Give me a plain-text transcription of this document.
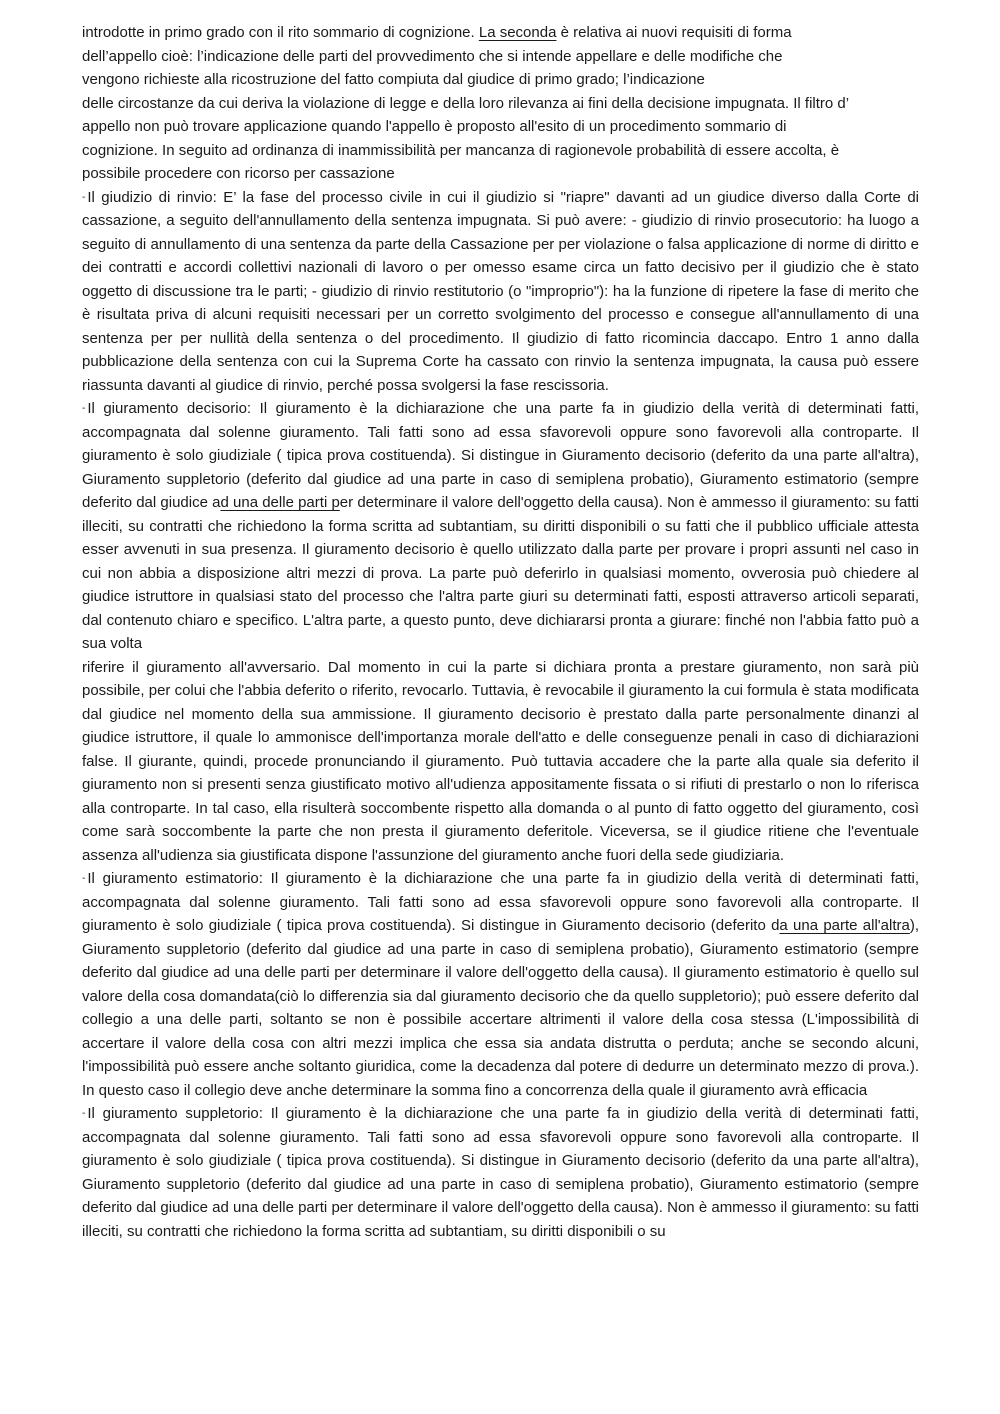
introdotte in primo grado con il rito sommario di cognizione. La seconda è relativa ai nuovi requisiti di forma

dell’appello cioè: l’indicazione delle parti del provvedimento che si intende appellare e delle modifiche che

vengono richieste alla ricostruzione del fatto compiuta dal giudice di primo grado; l’indicazione

delle circostanze da cui deriva la violazione di legge e della loro rilevanza ai fini della decisione impugnata. Il filtro d’

appello non può trovare applicazione quando l'appello è proposto all'esito di un procedimento sommario di

cognizione. In seguito ad ordinanza di inammissibilità per mancanza di ragionevole probabilità di essere accolta, è

possibile procedere con ricorso per cassazione

- Il giudizio di rinvio: E’ la fase del processo civile in cui il giudizio si "riapre" davanti ad un giudice diverso dalla Corte di cassazione, a seguito dell'annullamento della sentenza impugnata. Si può avere: - giudizio di rinvio prosecutorio: ha luogo a seguito di annullamento di una sentenza da parte della Cassazione per per violazione o falsa applicazione di norme di diritto e dei contratti e accordi collettivi nazionali di lavoro o per omesso esame circa un fatto decisivo per il giudizio che è stato oggetto di discussione tra le parti; - giudizio di rinvio restitutorio (o "improprio"): ha la funzione di ripetere la fase di merito che è risultata priva di alcuni requisiti necessari per un corretto svolgimento del processo e consegue all'annullamento di una sentenza per per nullità della sentenza o del procedimento. Il giudizio di fatto ricomincia daccapo. Entro 1 anno dalla pubblicazione della sentenza con cui la Suprema Corte ha cassato con rinvio la sentenza impugnata, la causa può essere riassunta davanti al giudice di rinvio, perché possa svolgersi la fase rescissoria.

- Il giuramento decisorio: Il giuramento è la dichiarazione che una parte fa in giudizio della verità di determinati fatti, accompagnata dal solenne giuramento. Tali fatti sono ad essa sfavorevoli oppure sono favorevoli alla controparte. Il giuramento è solo giudiziale ( tipica prova costituenda). Si distingue in Giuramento decisorio (deferito da una parte all'altra), Giuramento suppletorio (deferito dal giudice ad una parte in caso di semiplena probatio), Giuramento estimatorio (sempre deferito dal giudice ad una delle parti per determinare il valore dell'oggetto della causa). Non è ammesso il giuramento: su fatti illeciti, su contratti che richiedono la forma scritta ad subtantiam, su diritti disponibili o su fatti che il pubblico ufficiale attesta esser avvenuti in sua presenza. Il giuramento decisorio è quello utilizzato dalla parte per provare i propri assunti nel caso in cui non abbia a disposizione altri mezzi di prova. La parte può deferirlo in qualsiasi momento, ovverosia può chiedere al giudice istruttore in qualsiasi stato del processo che l'altra parte giuri su determinati fatti, esposti attraverso articoli separati, dal contenuto chiaro e specifico. L'altra parte, a questo punto, deve dichiararsi pronta a giurare: finché non l'abbia fatto può a sua volta

riferire il giuramento all'avversario. Dal momento in cui la parte si dichiara pronta a prestare giuramento, non sarà più possibile, per colui che l'abbia deferito o riferito, revocarlo. Tuttavia, è revocabile il giuramento la cui formula è stata modificata dal giudice nel momento della sua ammissione. Il giuramento decisorio è prestato dalla parte personalmente dinanzi al giudice istruttore, il quale lo ammonisce dell'importanza morale dell'atto e delle conseguenze penali in caso di dichiarazioni false. Il giurante, quindi, procede pronunciando il giuramento. Può tuttavia accadere che la parte alla quale sia deferito il giuramento non si presenti senza giustificato motivo all'udienza appositamente fissata o si rifiuti di prestarlo o non lo riferisca alla controparte. In tal caso, ella risulterà soccombente rispetto alla domanda o al punto di fatto oggetto del giuramento, così come sarà soccombente la parte che non presta il giuramento deferitole. Viceversa, se il giudice ritiene che l'eventuale assenza all'udienza sia giustificata dispone l'assunzione del giuramento anche fuori della sede giudiziaria.

- Il giuramento estimatorio: Il giuramento è la dichiarazione che una parte fa in giudizio della verità di determinati fatti, accompagnata dal solenne giuramento. Tali fatti sono ad essa sfavorevoli oppure sono favorevoli alla controparte. Il giuramento è solo giudiziale ( tipica prova costituenda). Si distingue in Giuramento decisorio (deferito da una parte all'altra), Giuramento suppletorio (deferito dal giudice ad una parte in caso di semiplena probatio), Giuramento estimatorio (sempre deferito dal giudice ad una delle parti per determinare il valore dell'oggetto della causa). Il giuramento estimatorio è quello sul valore della cosa domandata(ciò lo differenzia sia dal giuramento decisorio che da quello suppletorio); può essere deferito dal collegio a una delle parti, soltanto se non è possibile accertare altrimenti il valore della cosa stessa (L'impossibilità di accertare il valore della cosa con altri mezzi implica che essa sia andata distrutta o perduta; anche se secondo alcuni, l'impossibilità può essere anche soltanto giuridica, come la decadenza dal potere di dedurre un determinato mezzo di prova.). In questo caso il collegio deve anche determinare la somma fino a concorrenza della quale il giuramento avrà efficacia

- Il giuramento suppletorio: Il giuramento è la dichiarazione che una parte fa in giudizio della verità di determinati fatti, accompagnata dal solenne giuramento. Tali fatti sono ad essa sfavorevoli oppure sono favorevoli alla controparte. Il giuramento è solo giudiziale ( tipica prova costituenda). Si distingue in Giuramento decisorio (deferito da una parte all'altra), Giuramento suppletorio (deferito dal giudice ad una parte in caso di semiplena probatio), Giuramento estimatorio (sempre deferito dal giudice ad una delle parti per determinare il valore dell'oggetto della causa). Non è ammesso il giuramento: su fatti illeciti, su contratti che richiedono la forma scritta ad subtantiam, su diritti disponibili o su
